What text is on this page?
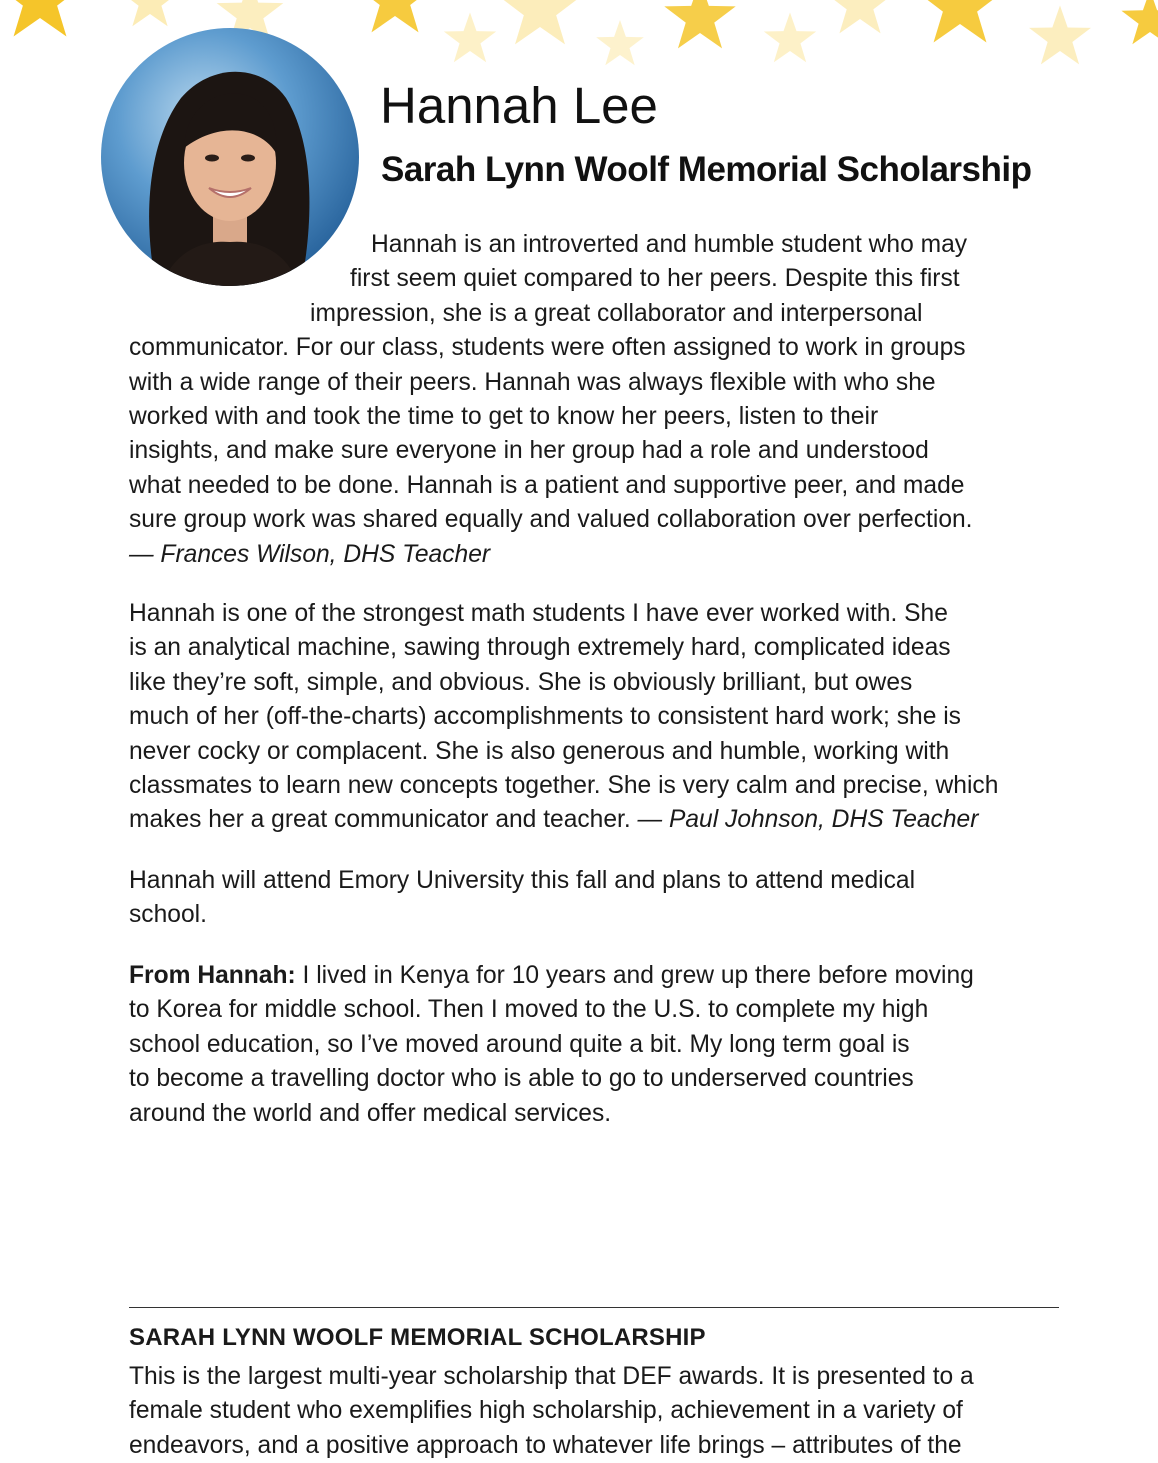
Hannah Lee
Sarah Lynn Woolf Memorial Scholarship
Hannah is an introverted and humble student who may
first seem quiet compared to her peers. Despite this first
impression, she is a great collaborator and interpersonal
communicator. For our class, students were often assigned to work in groups
with a wide range of their peers. Hannah was always flexible with who she
worked with and took the time to get to know her peers, listen to their
insights, and make sure everyone in her group had a role and understood
what needed to be done. Hannah is a patient and supportive peer, and made
sure group work was shared equally and valued collaboration over perfection.
— Frances Wilson, DHS Teacher
Hannah is one of the strongest math students I have ever worked with. She
is an analytical machine, sawing through extremely hard, complicated ideas
like they’re soft, simple, and obvious. She is obviously brilliant, but owes
much of her (off-the-charts) accomplishments to consistent hard work; she is
never cocky or complacent. She is also generous and humble, working with
classmates to learn new concepts together. She is very calm and precise, which
makes her a great communicator and teacher. — Paul Johnson, DHS Teacher
Hannah will attend Emory University this fall and plans to attend medical
school.
From Hannah: I lived in Kenya for 10 years and grew up there before moving
to Korea for middle school. Then I moved to the U.S. to complete my high
school education, so I’ve moved around quite a bit. My long term goal is
to become a travelling doctor who is able to go to underserved countries
around the world and offer medical services.
SARAH LYNN WOOLF MEMORIAL SCHOLARSHIP
This is the largest multi-year scholarship that DEF awards. It is presented to a
female student who exemplifies high scholarship, achievement in a variety of
endeavors, and a positive approach to whatever life brings – attributes of the
